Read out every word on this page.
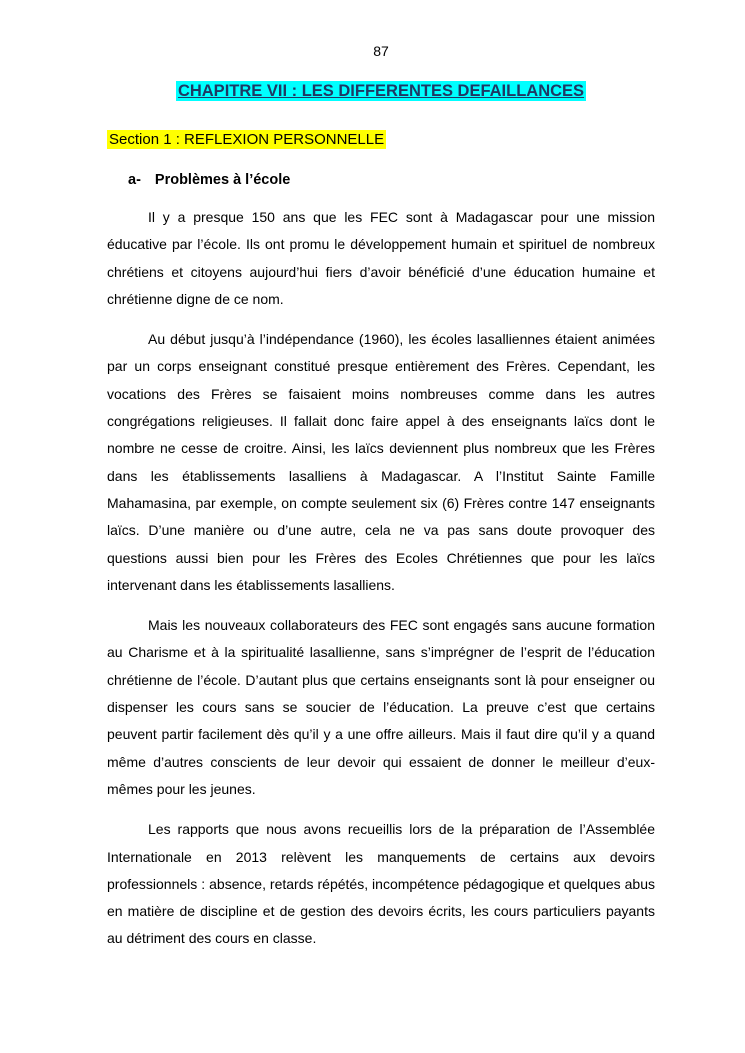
87
CHAPITRE VII : LES DIFFERENTES DEFAILLANCES
Section 1 : REFLEXION PERSONNELLE
a- Problèmes à l’école

Il y a presque 150 ans que les FEC sont à Madagascar pour une mission éducative par l’école. Ils ont promu le développement humain et spirituel de nombreux chrétiens et citoyens aujourd’hui fiers d’avoir bénéficié d’une éducation humaine et chrétienne digne de ce nom.

Au début jusqu’à l’indépendance (1960), les écoles lasalliennes étaient animées par un corps enseignant constitué presque entièrement des Frères. Cependant, les vocations des Frères se faisaient moins nombreuses comme dans les autres congrégations religieuses. Il fallait donc faire appel à des enseignants laïcs dont le nombre ne cesse de croitre. Ainsi, les laïcs deviennent plus nombreux que les Frères dans les établissements lasalliens à Madagascar. A l’Institut Sainte Famille Mahamasina, par exemple, on compte seulement six (6) Frères contre 147 enseignants laïcs. D’une manière ou d’une autre, cela ne va pas sans doute provoquer des questions aussi bien pour les Frères des Ecoles Chrétiennes que pour les laïcs intervenant dans les établissements lasalliens.

Mais les nouveaux collaborateurs des FEC sont engagés sans aucune formation au Charisme et à la spiritualité lasallienne, sans s’imprégner de l’esprit de l’éducation chrétienne de l’école. D’autant plus que certains enseignants sont là pour enseigner ou dispenser les cours sans se soucier de l’éducation. La preuve c’est que certains peuvent partir facilement dès qu’il y a une offre ailleurs. Mais il faut dire qu’il y a quand même d’autres conscients de leur devoir qui essaient de donner le meilleur d’eux-mêmes pour les jeunes.

Les rapports que nous avons recueillis lors de la préparation de l’Assemblée Internationale en 2013 relèvent les manquements de certains aux devoirs professionnels : absence, retards répétés, incompétence pédagogique et quelques abus en matière de discipline et de gestion des devoirs écrits, les cours particuliers payants au détriment des cours en classe.
